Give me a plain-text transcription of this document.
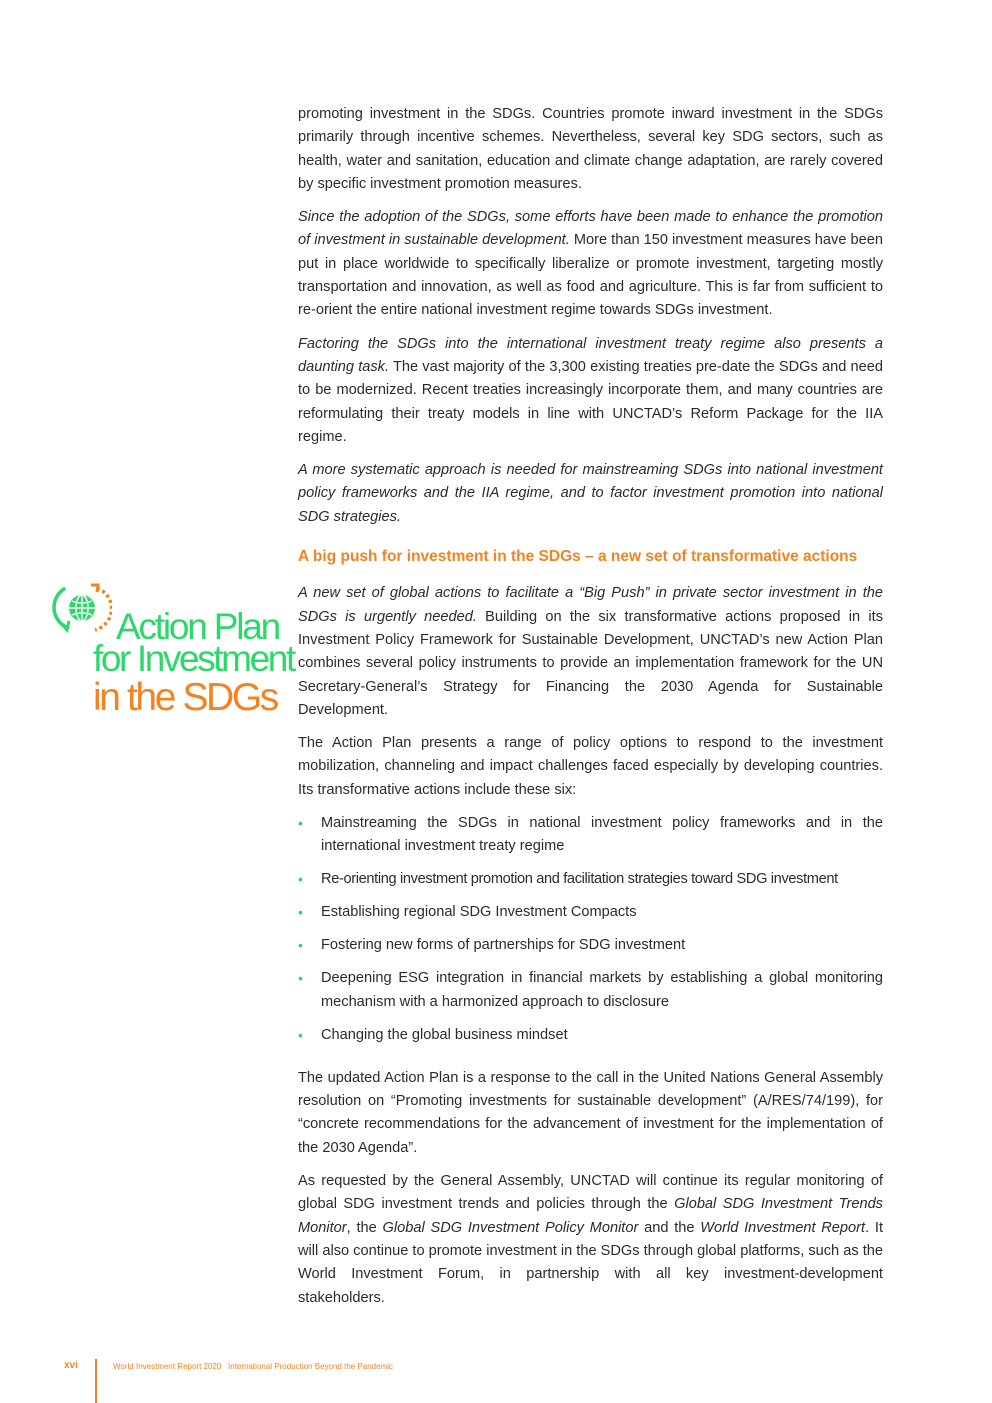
promoting investment in the SDGs. Countries promote inward investment in the SDGs primarily through incentive schemes. Nevertheless, several key SDG sectors, such as health, water and sanitation, education and climate change adaptation, are rarely covered by specific investment promotion measures.

Since the adoption of the SDGs, some efforts have been made to enhance the promotion of investment in sustainable development. More than 150 investment measures have been put in place worldwide to specifically liberalize or promote investment, targeting mostly transportation and innovation, as well as food and agriculture. This is far from sufficient to re-orient the entire national investment regime towards SDGs investment.

Factoring the SDGs into the international investment treaty regime also presents a daunting task. The vast majority of the 3,300 existing treaties pre-date the SDGs and need to be modernized. Recent treaties increasingly incorporate them, and many countries are reformulating their treaty models in line with UNCTAD’s Reform Package for the IIA regime.

A more systematic approach is needed for mainstreaming SDGs into national investment policy frameworks and the IIA regime, and to factor investment promotion into national SDG strategies.

A big push for investment in the SDGs – a new set of transformative actions

A new set of global actions to facilitate a “Big Push” in private sector investment in the SDGs is urgently needed. Building on the six transformative actions proposed in its Investment Policy Framework for Sustainable Development, UNCTAD’s new Action Plan combines several policy instruments to provide an implementation framework for the UN Secretary-General’s Strategy for Financing the 2030 Agenda for Sustainable Development.

The Action Plan presents a range of policy options to respond to the investment mobilization, channeling and impact challenges faced especially by developing countries. Its transformative actions include these six:

• Mainstreaming the SDGs in national investment policy frameworks and in the international investment treaty regime
• Re-orienting investment promotion and facilitation strategies toward SDG investment
• Establishing regional SDG Investment Compacts
• Fostering new forms of partnerships for SDG investment
• Deepening ESG integration in financial markets by establishing a global monitoring mechanism with a harmonized approach to disclosure
• Changing the global business mindset

The updated Action Plan is a response to the call in the United Nations General Assembly resolution on “Promoting investments for sustainable development” (A/RES/74/199), for “concrete recommendations for the advancement of investment for the implementation of the 2030 Agenda”.

As requested by the General Assembly, UNCTAD will continue its regular monitoring of global SDG investment trends and policies through the Global SDG Investment Trends Monitor, the Global SDG Investment Policy Monitor and the World Investment Report. It will also continue to promote investment in the SDGs through global platforms, such as the World Investment Forum, in partnership with all key investment-development stakeholders.

Action Plan
for Investment
in the SDGs
xvi	World Investment Report 2020   International Production Beyond the Pandemic
